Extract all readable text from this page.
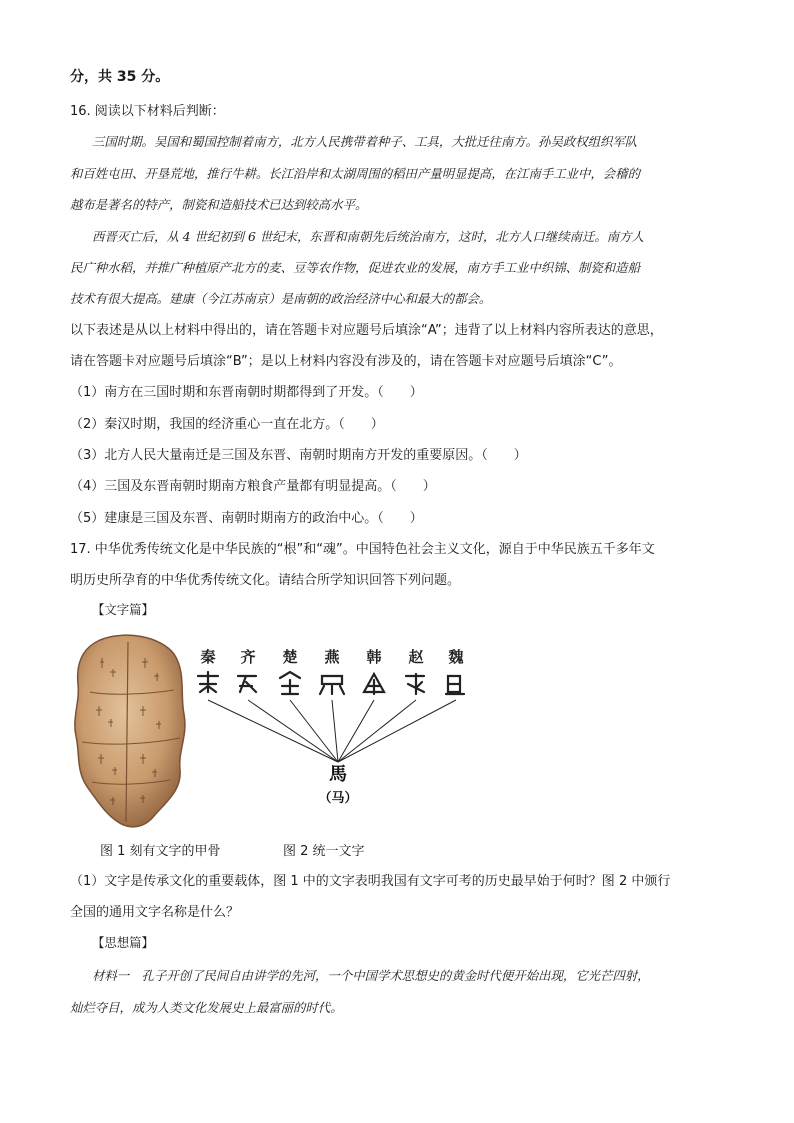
分，共 35 分。
16. 阅读以下材料后判断：
三国时期。吴国和蜀国控制着南方，北方人民携带着种子、工具，大批迁往南方。孙吴政权组织军队
和百姓屯田、开垦荒地，推行牛耕。长江沿岸和太湖周围的稻田产量明显提高，在江南手工业中，会稽的
越布是著名的特产，制瓷和造船技术已达到较高水平。
西晋灭亡后，从 4 世纪初到 6 世纪末，东晋和南朝先后统治南方，这时，北方人口继续南迁。南方人
民广种水稻，并推广种植原产北方的麦、豆等农作物，促进农业的发展，南方手工业中织锦、制瓷和造船
技术有很大提高。建康（今江苏南京）是南朝的政治经济中心和最大的都会。
以下表述是从以上材料中得出的，请在答题卡对应题号后填涂“A”；违背了以上材料内容所表达的意思，
请在答题卡对应题号后填涂“B”；是以上材料内容没有涉及的，请在答题卡对应题号后填涂“C”。
（1）南方在三国时期和东晋南朝时期都得到了开发。（　　）
（2）秦汉时期，我国的经济重心一直在北方。（　　）
（3）北方人民大量南迁是三国及东晋、南朝时期南方开发的重要原因。（　　）
（4）三国及东晋南朝时期南方粮食产量都有明显提高。（　　）
（5）建康是三国及东晋、南朝时期南方的政治中心。（　　）
17. 中华优秀传统文化是中华民族的“根”和“魂”。中国特色社会主义文化，源自于中华民族五千多年文
明历史所孕育的中华优秀传统文化。请结合所学知识回答下列问题。
【文字篇】
秦 齐 楚 燕 韩 赵 魏
馬
（马）
图 1 刻有文字的甲骨	图 2 统一文字
（1）文字是传承文化的重要载体，图 1 中的文字表明我国有文字可考的历史最早始于何时？图 2 中颁行
全国的通用文字名称是什么？
【思想篇】
材料一　孔子开创了民间自由讲学的先河，一个中国学术思想史的黄金时代便开始出现，它光芒四射，
灿烂夺目，成为人类文化发展史上最富丽的时代。
